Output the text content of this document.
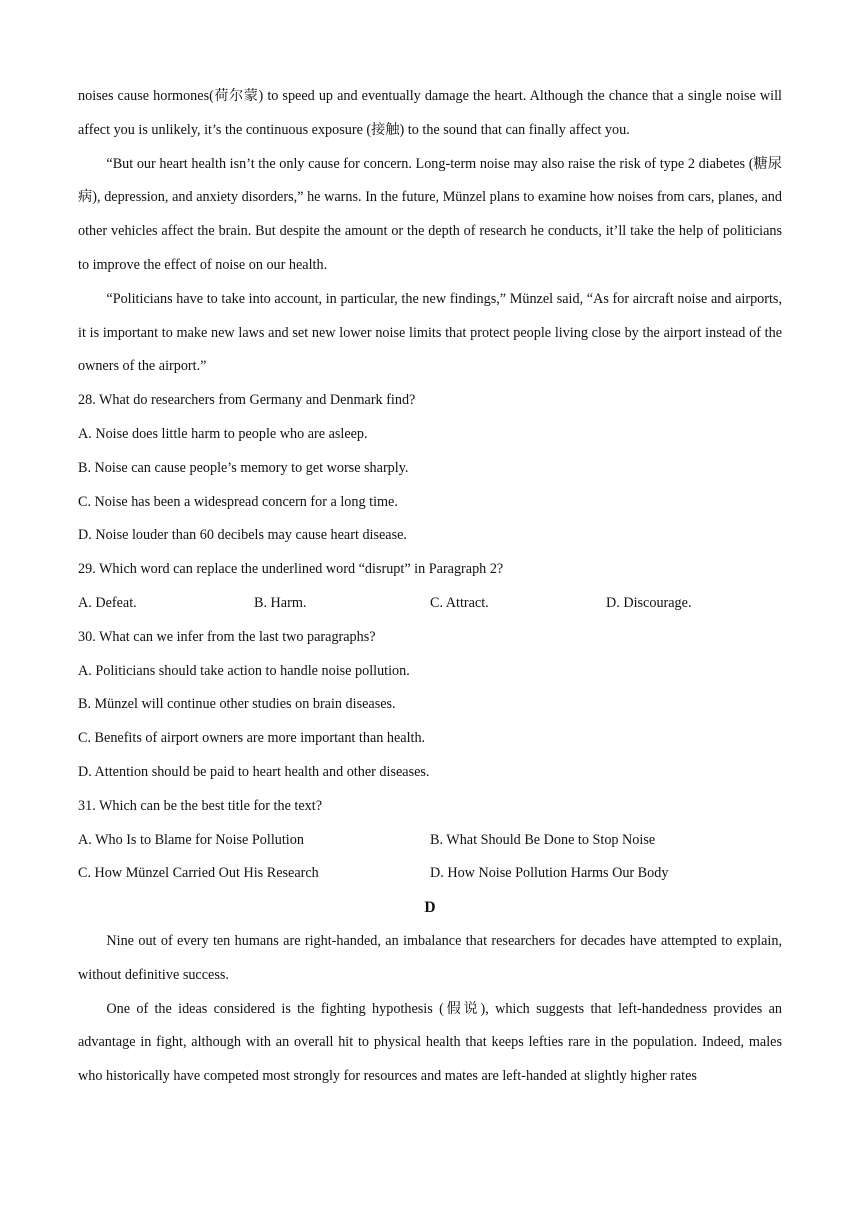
noises cause hormones(荷尔蒙) to speed up and eventually damage the heart. Although the chance that a single noise will affect you is unlikely, it’s the continuous exposure (接触) to the sound that can finally affect you.

“But our heart health isn’t the only cause for concern. Long-term noise may also raise the risk of type 2 diabetes (糖尿病), depression, and anxiety disorders,” he warns. In the future, Münzel plans to examine how noises from cars, planes, and other vehicles affect the brain. But despite the amount or the depth of research he conducts, it’ll take the help of politicians to improve the effect of noise on our health.

“Politicians have to take into account, in particular, the new findings,” Münzel said, “As for aircraft noise and airports, it is important to make new laws and set new lower noise limits that protect people living close by the airport instead of the owners of the airport.”

28. What do researchers from Germany and Denmark find?

A. Noise does little harm to people who are asleep.

B. Noise can cause people’s memory to get worse sharply.

C. Noise has been a widespread concern for a long time.

D. Noise louder than 60 decibels may cause heart disease.

29. Which word can replace the underlined word “disrupt” in Paragraph 2?

A. Defeat.	B. Harm.	C. Attract.	D. Discourage.

30. What can we infer from the last two paragraphs?

A. Politicians should take action to handle noise pollution.

B. Münzel will continue other studies on brain diseases.

C. Benefits of airport owners are more important than health.

D. Attention should be paid to heart health and other diseases.

31. Which can be the best title for the text?

A. Who Is to Blame for Noise Pollution	B. What Should Be Done to Stop Noise
C. How Münzel Carried Out His Research	D. How Noise Pollution Harms Our Body

D

Nine out of every ten humans are right-handed, an imbalance that researchers for decades have attempted to explain, without definitive success.

One of the ideas considered is the fighting hypothesis (假说), which suggests that left-handedness provides an advantage in fight, although with an overall hit to physical health that keeps lefties rare in the population. Indeed, males who historically have competed most strongly for resources and mates are left-handed at slightly higher rates
